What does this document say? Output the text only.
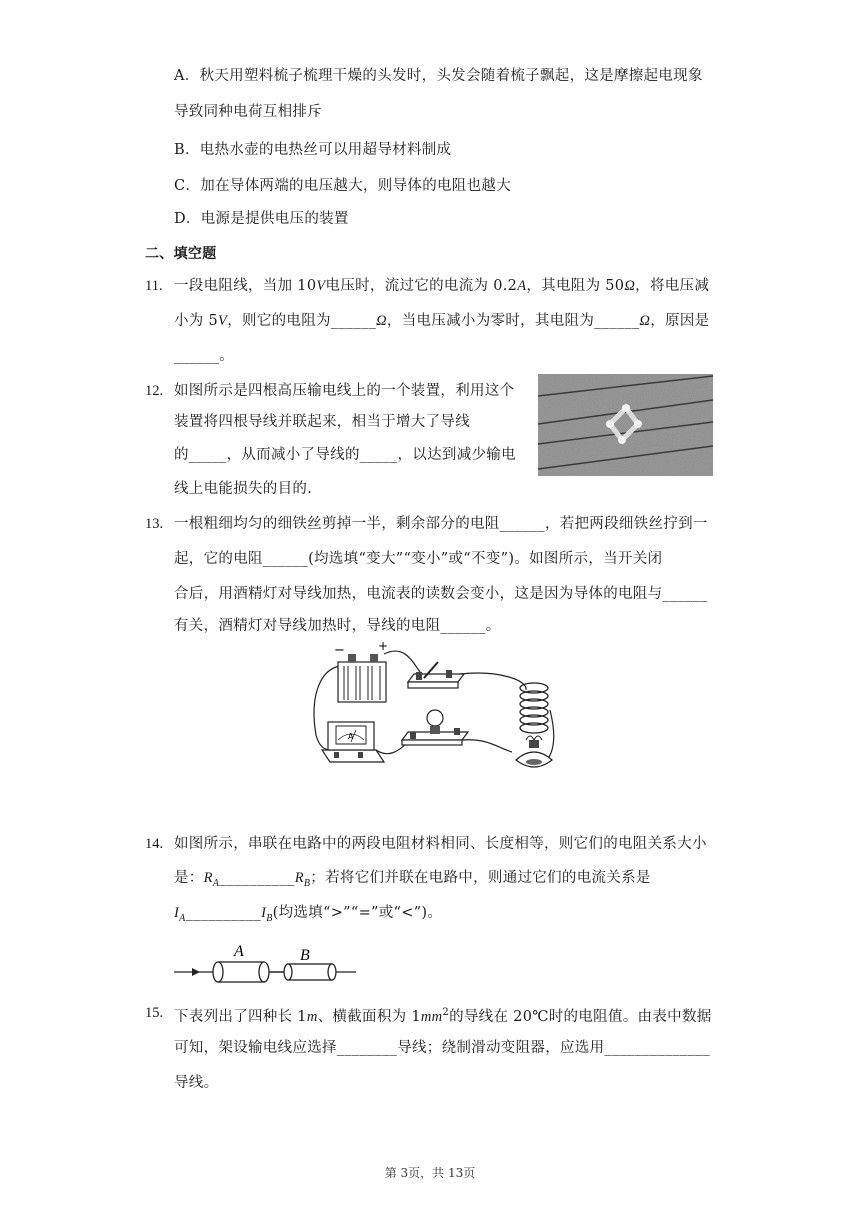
A．秋天用塑料梳子梳理干燥的头发时，头发会随着梳子飘起，这是摩擦起电现象
导致同种电荷互相排斥
B．电热水壶的电热丝可以用超导材料制成
C．加在导体两端的电压越大，则导体的电阻也越大
D．电源是提供电压的装置
二、填空题
11. 一段电阻线，当加 10V电压时，流过它的电流为 0.2A，其电阻为 50Ω，将电压减
小为 5V，则它的电阻为______Ω，当电压减小为零时，其电阻为______Ω，原因是
______。
12. 如图所示是四根高压输电线上的一个装置，利用这个
装置将四根导线并联起来，相当于增大了导线
的_____，从而减小了导线的_____，以达到减少输电
线上电能损失的目的.
13. 一根粗细均匀的细铁丝剪掉一半，剩余部分的电阻______，若把两段细铁丝拧到一
起，它的电阻______(均选填“变大”“变小”或“不变”)。如图所示，当开关闭
合后，用酒精灯对导线加热，电流表的读数会变小，这是因为导体的电阻与______
有关，酒精灯对导线加热时，导线的电阻______。
−	+
A
14. 如图所示，串联在电路中的两段电阻材料相同、长度相等，则它们的电阻关系大小
是：$R_A\_\_\_\_\_\_\_\_\_\_R_B$；若将它们并联在电路中，则通过它们的电流关系是
$I_A\_\_\_\_\_\_\_\_\_\_I_B$(均选填“>”“=”或“<”)。
A	B
15. 下表列出了四种长 1m、横截面积为 $1mm^2$的导线在 20℃时的电阻值。由表中数据
可知，架设输电线应选择________导线；绕制滑动变阻器，应选用______________
导线。
第 3页，共 13页
